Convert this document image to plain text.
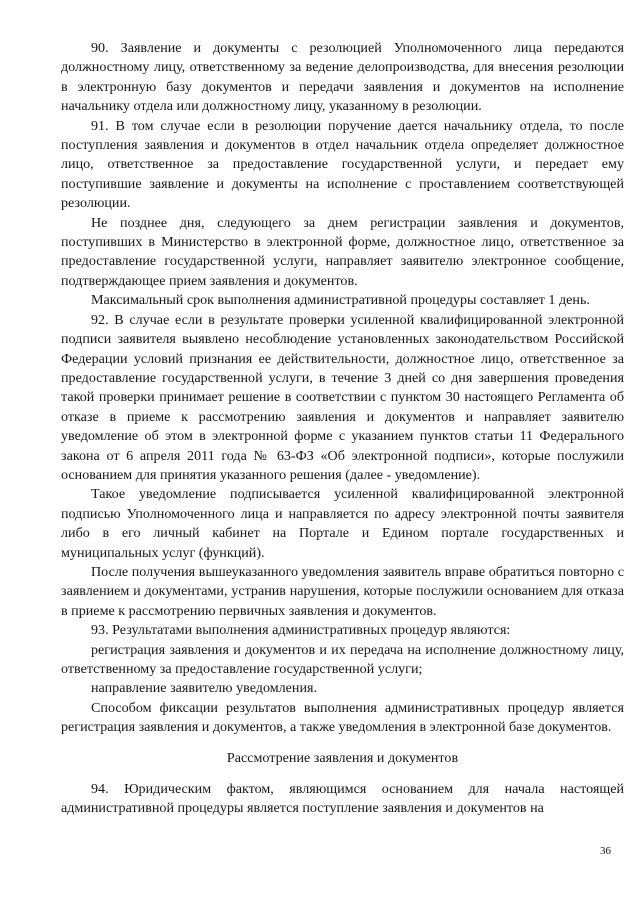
90. Заявление и документы с резолюцией Уполномоченного лица передаются должностному лицу, ответственному за ведение делопроизводства, для внесения резолюции в электронную базу документов и передачи заявления и документов на исполнение начальнику отдела или должностному лицу, указанному в резолюции.

91. В том случае если в резолюции поручение дается начальнику отдела, то после поступления заявления и документов в отдел начальник отдела определяет должностное лицо, ответственное за предоставление государственной услуги, и передает ему поступившие заявление и документы на исполнение с проставлением соответствующей резолюции.

Не позднее дня, следующего за днем регистрации заявления и документов, поступивших в Министерство в электронной форме, должностное лицо, ответственное за предоставление государственной услуги, направляет заявителю электронное сообщение, подтверждающее прием заявления и документов.

Максимальный срок выполнения административной процедуры составляет 1 день.

92. В случае если в результате проверки усиленной квалифицированной электронной подписи заявителя выявлено несоблюдение установленных законодательством Российской Федерации условий признания ее действительности, должностное лицо, ответственное за предоставление государственной услуги, в течение 3 дней со дня завершения проведения такой проверки принимает решение в соответствии с пунктом 30 настоящего Регламента об отказе в приеме к рассмотрению заявления и документов и направляет заявителю уведомление об этом в электронной форме с указанием пунктов статьи 11 Федерального закона от 6 апреля 2011 года № 63-ФЗ «Об электронной подписи», которые послужили основанием для принятия указанного решения (далее - уведомление).

Такое уведомление подписывается усиленной квалифицированной электронной подписью Уполномоченного лица и направляется по адресу электронной почты заявителя либо в его личный кабинет на Портале и Едином портале государственных и муниципальных услуг (функций).

После получения вышеуказанного уведомления заявитель вправе обратиться повторно с заявлением и документами, устранив нарушения, которые послужили основанием для отказа в приеме к рассмотрению первичных заявления и документов.

93. Результатами выполнения административных процедур являются:

регистрация заявления и документов и их передача на исполнение должностному лицу, ответственному за предоставление государственной услуги;

направление заявителю уведомления.

Способом фиксации результатов выполнения административных процедур является регистрация заявления и документов, а также уведомления в электронной базе документов.

Рассмотрение заявления и документов

94. Юридическим фактом, являющимся основанием для начала настоящей административной процедуры является поступление заявления и документов на

36
